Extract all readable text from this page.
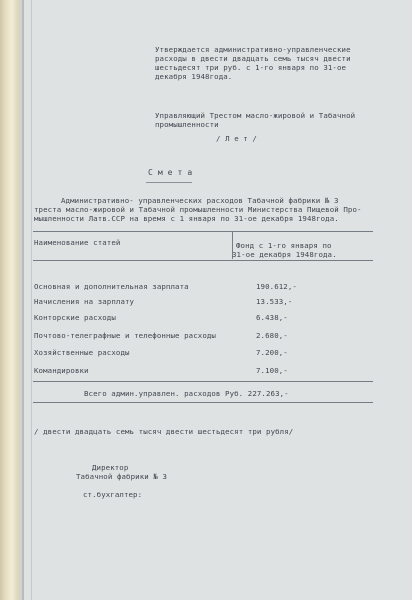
Утверждается административно-управленческие

расходы в двести двадцать семь тысяч двести

шестьдесят три руб. с 1-го января по 31-ое

декабря 1948года.

Управляющий Трестом масло-жировой и Табачной

промышленности

/ Л е т /

С м е т а

Административно- управленческих расходов Табачной фабрики № 3

треста масло-жировой и Табачной промышленности Министерства Пищевой Про-

мышленности Латв.ССР на время с 1 января по 31-ое декабря 1948года.

Наименование статей	Фонд с 1-го января по

31-ое декабря 1948года.

Основная и дополнительная зарплата	190.612,-
Начисления на зарплату	13.533,-
Конторские расходы	6.438,-
Почтово-телеграфные и телефонные расходы	2.680,-
Хозяйственные расходы	7.200,-
Командировки	7.100,-

Всего админ.управлен. расходов Руб. 227.263,-

/ двести двадцать семь тысяч двести шестьдесят три рубля/

Директор

Табачной фабрики № 3

ст.бухгалтер:
